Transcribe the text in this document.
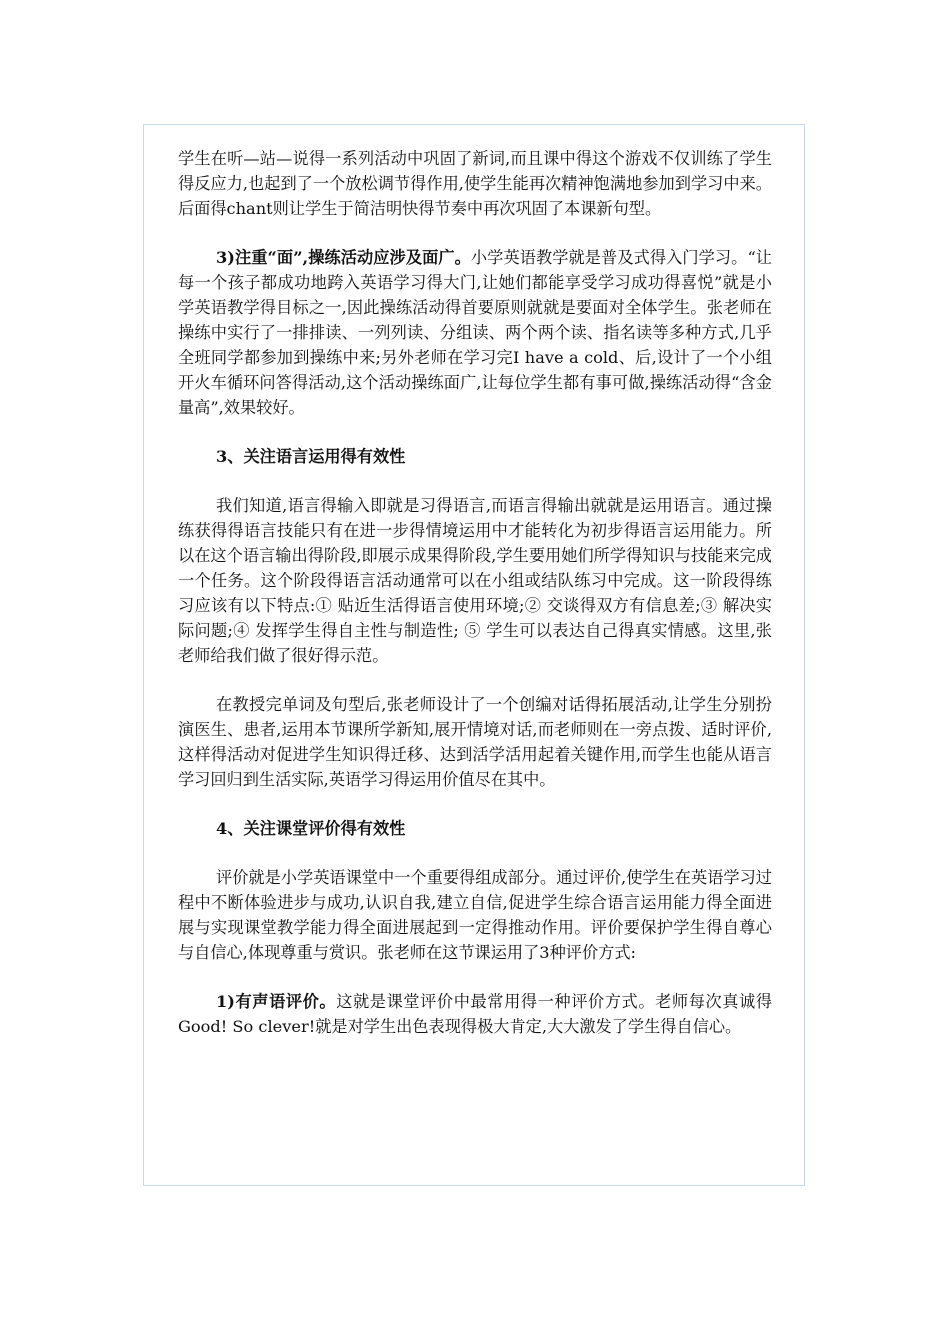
学生在听—站—说得一系列活动中巩固了新词,而且课中得这个游戏不仅训练了学生得反应力,也起到了一个放松调节得作用,使学生能再次精神饱满地参加到学习中来。后面得chant则让学生于简洁明快得节奏中再次巩固了本课新句型。

3)注重“面”,操练活动应涉及面广。小学英语教学就是普及式得入门学习。“让每一个孩子都成功地跨入英语学习得大门,让她们都能享受学习成功得喜悦”就是小学英语教学得目标之一,因此操练活动得首要原则就就是要面对全体学生。张老师在操练中实行了一排排读、一列列读、分组读、两个两个读、指名读等多种方式,几乎全班同学都参加到操练中来;另外老师在学习完I have a cold、后,设计了一个小组开火车循环问答得活动,这个活动操练面广,让每位学生都有事可做,操练活动得“含金量高”,效果较好。

3、关注语言运用得有效性

我们知道,语言得输入即就是习得语言,而语言得输出就就是运用语言。通过操练获得得语言技能只有在进一步得情境运用中才能转化为初步得语言运用能力。所以在这个语言输出得阶段,即展示成果得阶段,学生要用她们所学得知识与技能来完成一个任务。这个阶段得语言活动通常可以在小组或结队练习中完成。这一阶段得练习应该有以下特点:① 贴近生活得语言使用环境;② 交谈得双方有信息差;③ 解决实际问题;④ 发挥学生得自主性与制造性; ⑤ 学生可以表达自己得真实情感。这里,张老师给我们做了很好得示范。

在教授完单词及句型后,张老师设计了一个创编对话得拓展活动,让学生分别扮演医生、患者,运用本节课所学新知,展开情境对话,而老师则在一旁点拨、适时评价,这样得活动对促进学生知识得迁移、达到活学活用起着关键作用,而学生也能从语言学习回归到生活实际,英语学习得运用价值尽在其中。

4、关注课堂评价得有效性

评价就是小学英语课堂中一个重要得组成部分。通过评价,使学生在英语学习过程中不断体验进步与成功,认识自我,建立自信,促进学生综合语言运用能力得全面进展与实现课堂教学能力得全面进展起到一定得推动作用。评价要保护学生得自尊心与自信心,体现尊重与赏识。张老师在这节课运用了3种评价方式:

1)有声语评价。这就是课堂评价中最常用得一种评价方式。老师每次真诚得Good! So clever!就是对学生出色表现得极大肯定,大大激发了学生得自信心。
